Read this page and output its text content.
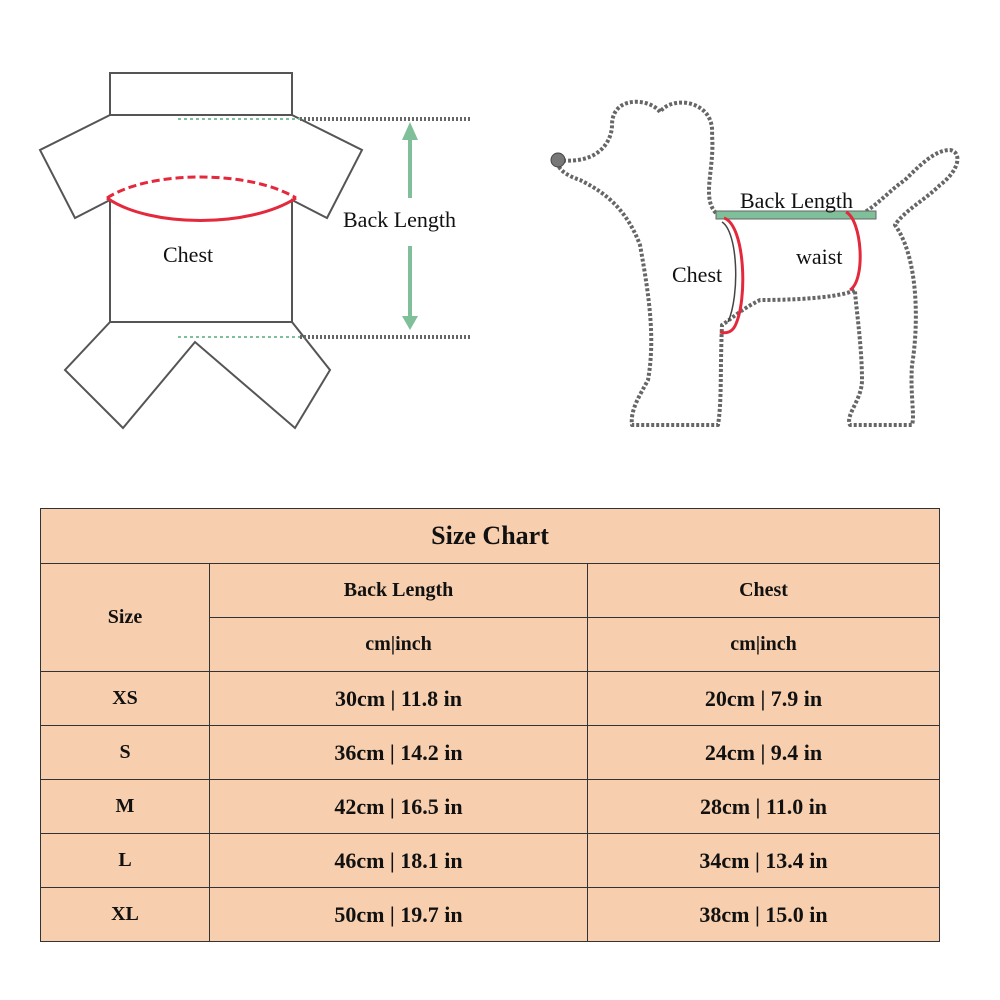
Chest
Back Length
Back Length
Chest
waist
Size Chart		
Size	Back Length	Chest
	cm|inch	cm|inch
XS	30cm | 11.8 in	20cm | 7.9 in
S	36cm | 14.2 in	24cm | 9.4 in
M	42cm | 16.5 in	28cm | 11.0 in
L	46cm | 18.1 in	34cm | 13.4 in
XL	50cm | 19.7 in	38cm | 15.0 in
